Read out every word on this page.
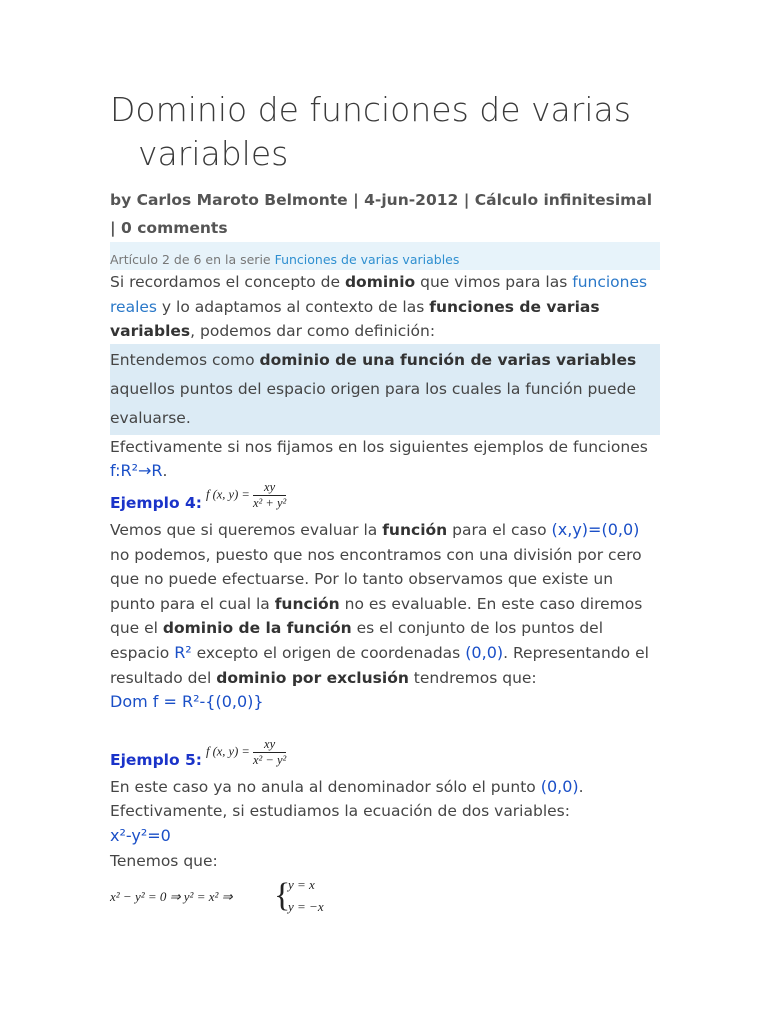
Dominio de funciones de varias variables
by Carlos Maroto Belmonte | 4-jun-2012 | Cálculo infinitesimal | 0 comments
Artículo 2 de 6 en la serie Funciones de varias variables

Si recordamos el concepto de dominio que vimos para las funciones reales y lo adaptamos al contexto de las funciones de varias variables, podemos dar como definición:

Entendemos como dominio de una función de varias variables aquellos puntos del espacio origen para los cuales la función puede evaluarse.

Efectivamente si nos fijamos en los siguientes ejemplos de funciones f:R²→R.

Ejemplo 4: f (x, $y) = \frac{xy}{\text{x² + y²}}$

Vemos que si queremos evaluar la función para el caso (x,y)=(0,0) no podemos, puesto que nos encontramos con una división por cero que no puede efectuarse. Por lo tanto observamos que existe un punto para el cual la función no es evaluable. En este caso diremos que el dominio de la función es el conjunto de los puntos del espacio R² excepto el origen de coordenadas (0,0). Representando el resultado del dominio por exclusión tendremos que:

Dom f = R²-{(0,0)}

Ejemplo 5: f (x, $y) = \frac{xy}{\text{x² − y²}}$

En este caso ya no anula al denominador sólo el punto (0,0). Efectivamente, si estudiamos la ecuación de dos variables:

x²-y²=0

Tenemos que:

x² − y² = 0 ⇒ y² = x² ⇒ {
y = x
y = −x
